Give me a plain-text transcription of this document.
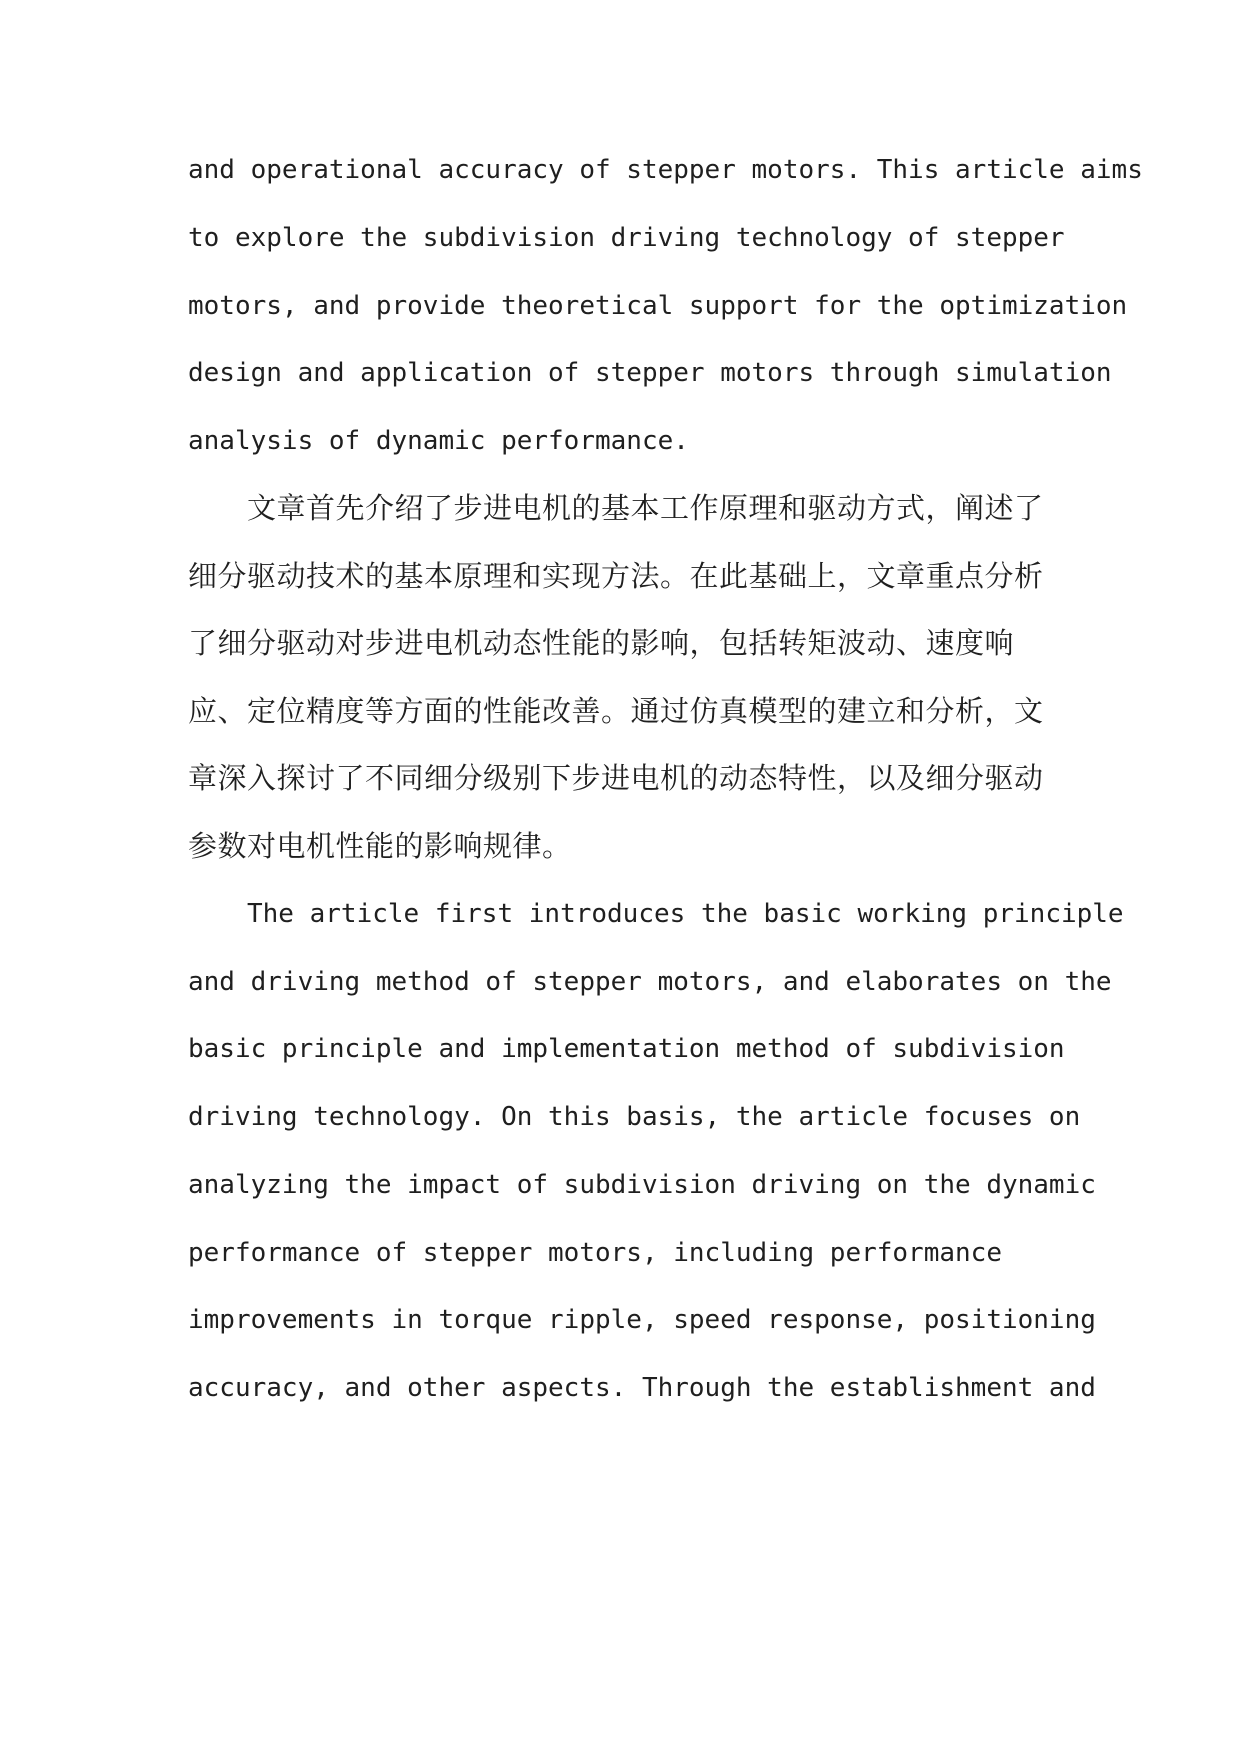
and operational accuracy of stepper motors. This article aims
to explore the subdivision driving technology of stepper
motors, and provide theoretical support for the optimization
design and application of stepper motors through simulation
analysis of dynamic performance.
文章首先介绍了步进电机的基本工作原理和驱动方式，阐述了
细分驱动技术的基本原理和实现方法。在此基础上，文章重点分析
了细分驱动对步进电机动态性能的影响，包括转矩波动、速度响
应、定位精度等方面的性能改善。通过仿真模型的建立和分析，文
章深入探讨了不同细分级别下步进电机的动态特性，以及细分驱动
参数对电机性能的影响规律。
The article first introduces the basic working principle
and driving method of stepper motors, and elaborates on the
basic principle and implementation method of subdivision
driving technology. On this basis, the article focuses on
analyzing the impact of subdivision driving on the dynamic
performance of stepper motors, including performance
improvements in torque ripple, speed response, positioning
accuracy, and other aspects. Through the establishment and
